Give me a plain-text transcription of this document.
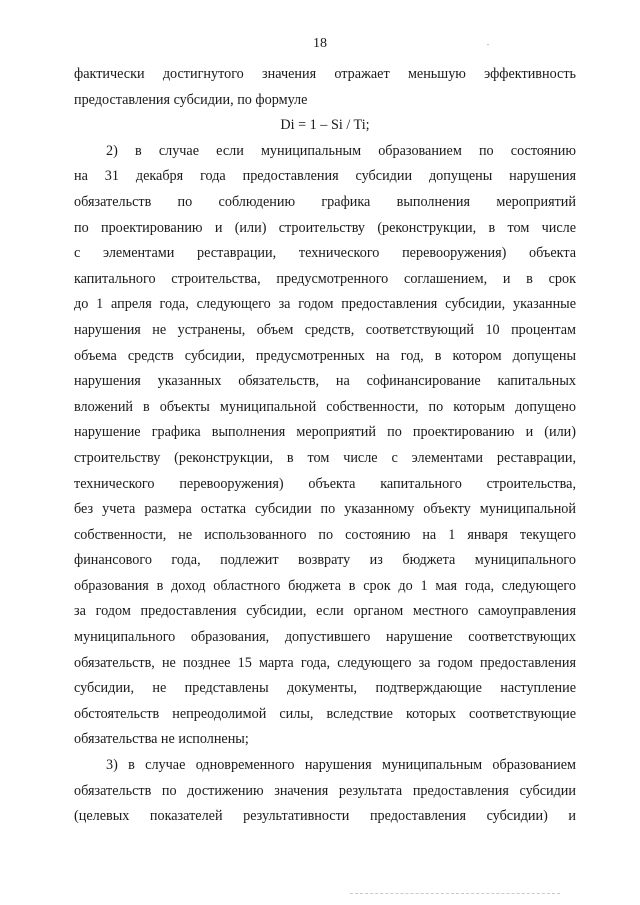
18
фактически достигнутого значения отражает меньшую эффективность
предоставления субсидии, по формуле
Di = 1 – Si / Ti;
2) в случае если муниципальным образованием по состоянию
на 31 декабря года предоставления субсидии допущены нарушения
обязательств по соблюдению графика выполнения мероприятий
по проектированию и (или) строительству (реконструкции, в том числе
с элементами реставрации, технического перевооружения) объекта
капитального строительства, предусмотренного соглашением, и в срок
до 1 апреля года, следующего за годом предоставления субсидии, указанные
нарушения не устранены, объем средств, соответствующий 10 процентам
объема средств субсидии, предусмотренных на год, в котором допущены
нарушения указанных обязательств, на софинансирование капитальных
вложений в объекты муниципальной собственности, по которым допущено
нарушение графика выполнения мероприятий по проектированию и (или)
строительству (реконструкции, в том числе с элементами реставрации,
технического перевооружения) объекта капитального строительства,
без учета размера остатка субсидии по указанному объекту муниципальной
собственности, не использованного по состоянию на 1 января текущего
финансового года, подлежит возврату из бюджета муниципального
образования в доход областного бюджета в срок до 1 мая года, следующего
за годом предоставления субсидии, если органом местного самоуправления
муниципального образования, допустившего нарушение соответствующих
обязательств, не позднее 15 марта года, следующего за годом предоставления
субсидии, не представлены документы, подтверждающие наступление
обстоятельств непреодолимой силы, вследствие которых соответствующие
обязательства не исполнены;
3) в случае одновременного нарушения муниципальным образованием
обязательств по достижению значения результата предоставления субсидии
(целевых показателей результативности предоставления субсидии) и
